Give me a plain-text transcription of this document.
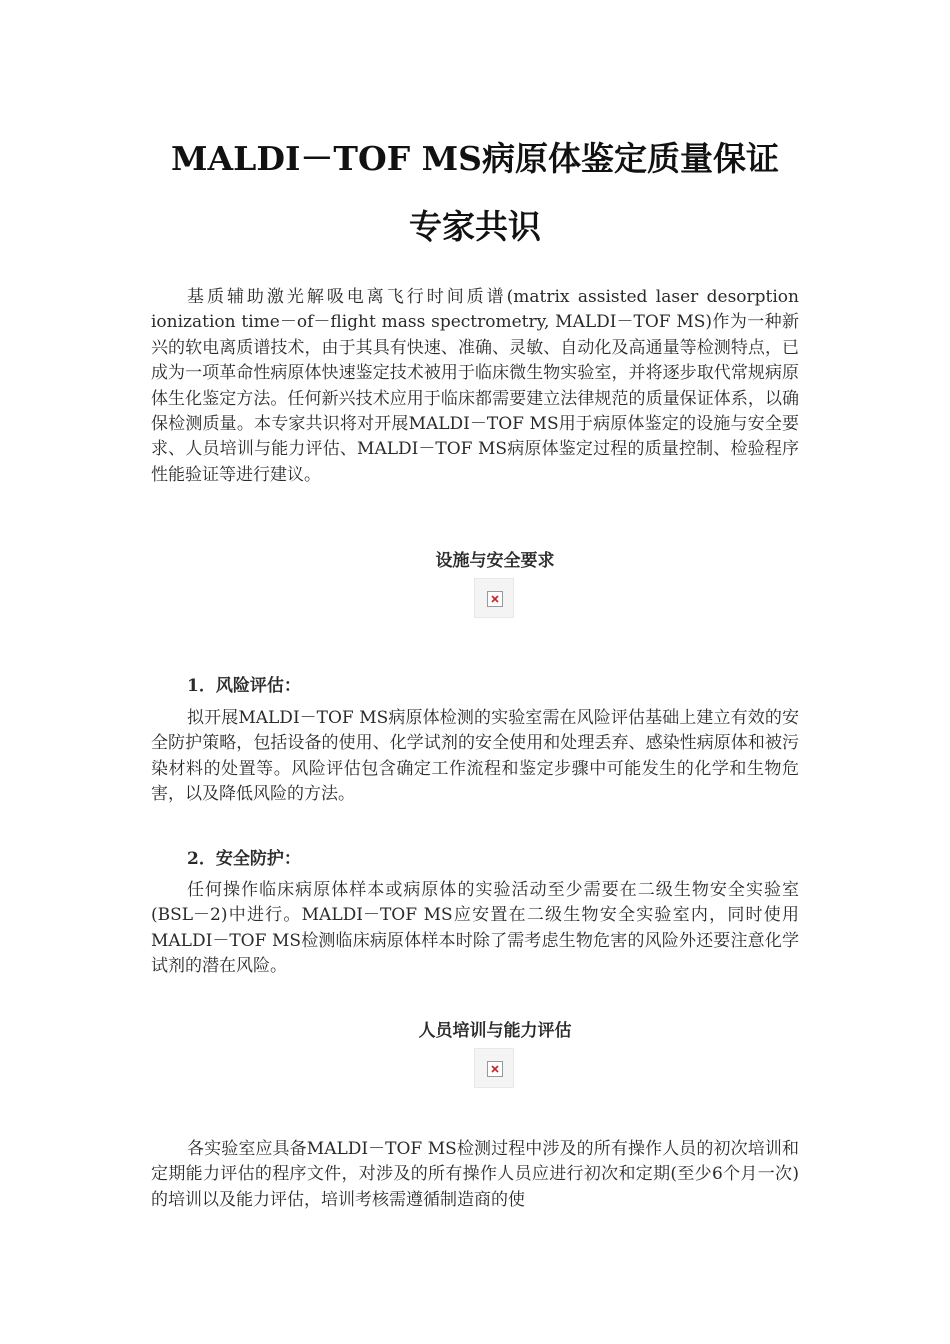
MALDI－TOF MS病原体鉴定质量保证
专家共识

基质辅助激光解吸电离飞行时间质谱(matrix assisted laser desorption ionization time－of－flight mass spectrometry, MALDI－TOF MS)作为一种新兴的软电离质谱技术，由于其具有快速、准确、灵敏、自动化及高通量等检测特点，已成为一项革命性病原体快速鉴定技术被用于临床微生物实验室，并将逐步取代常规病原体生化鉴定方法。任何新兴技术应用于临床都需要建立法律规范的质量保证体系，以确保检测质量。本专家共识将对开展MALDI－TOF MS用于病原体鉴定的设施与安全要求、人员培训与能力评估、MALDI－TOF MS病原体鉴定过程的质量控制、检验程序性能验证等进行建议。

设施与安全要求
1．风险评估：

拟开展MALDI－TOF MS病原体检测的实验室需在风险评估基础上建立有效的安全防护策略，包括设备的使用、化学试剂的安全使用和处理丢弃、感染性病原体和被污染材料的处置等。风险评估包含确定工作流程和鉴定步骤中可能发生的化学和生物危害，以及降低风险的方法。

2．安全防护：

任何操作临床病原体样本或病原体的实验活动至少需要在二级生物安全实验室(BSL－2)中进行。MALDI－TOF MS应安置在二级生物安全实验室内，同时使用MALDI－TOF MS检测临床病原体样本时除了需考虑生物危害的风险外还要注意化学试剂的潜在风险。

人员培训与能力评估

各实验室应具备MALDI－TOF MS检测过程中涉及的所有操作人员的初次培训和定期能力评估的程序文件，对涉及的所有操作人员应进行初次和定期(至少6个月一次)的培训以及能力评估，培训考核需遵循制造商的使
